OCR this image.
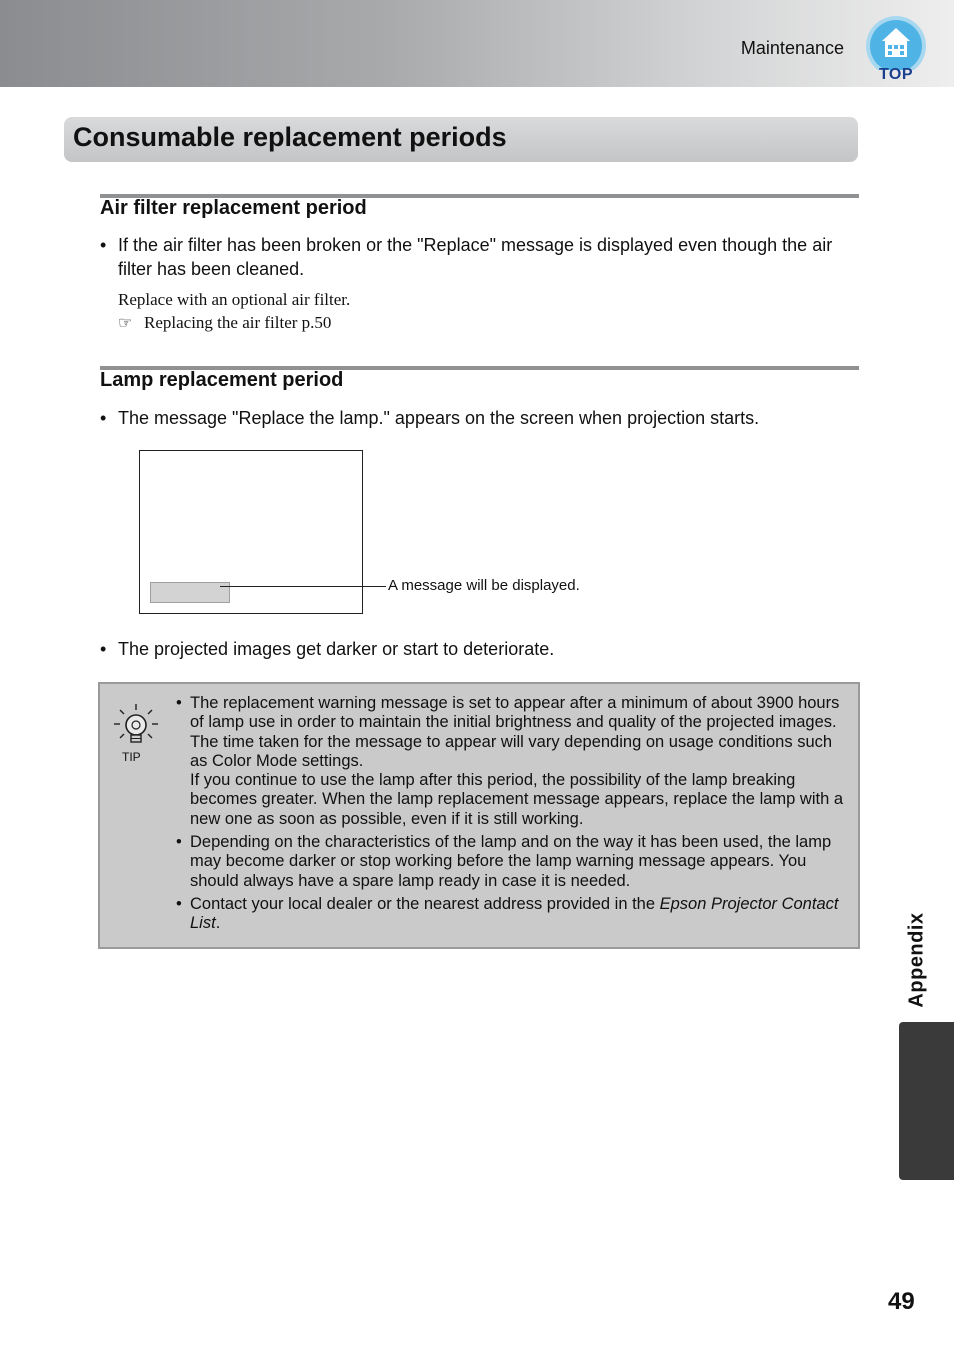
Maintenance
TOP
Consumable replacement periods
Air filter replacement period
• If the air filter has been broken or the "Replace" message is displayed even though the air filter has been cleaned.
Replace with an optional air filter.
☞ Replacing the air filter p.50
Lamp replacement period
• The message "Replace the lamp." appears on the screen when projection starts.
A message will be displayed.
• The projected images get darker or start to deteriorate.
TIP
• The replacement warning message is set to appear after a minimum of about 3900 hours of lamp use in order to maintain the initial brightness and quality of the projected images. The time taken for the message to appear will vary depending on usage conditions such as Color Mode settings.
If you continue to use the lamp after this period, the possibility of the lamp breaking becomes greater. When the lamp replacement message appears, replace the lamp with a new one as soon as possible, even if it is still working.
• Depending on the characteristics of the lamp and on the way it has been used, the lamp may become darker or stop working before the lamp warning message appears. You should always have a spare lamp ready in case it is needed.
• Contact your local dealer or the nearest address provided in the Epson Projector Contact List.	Appendix
49
